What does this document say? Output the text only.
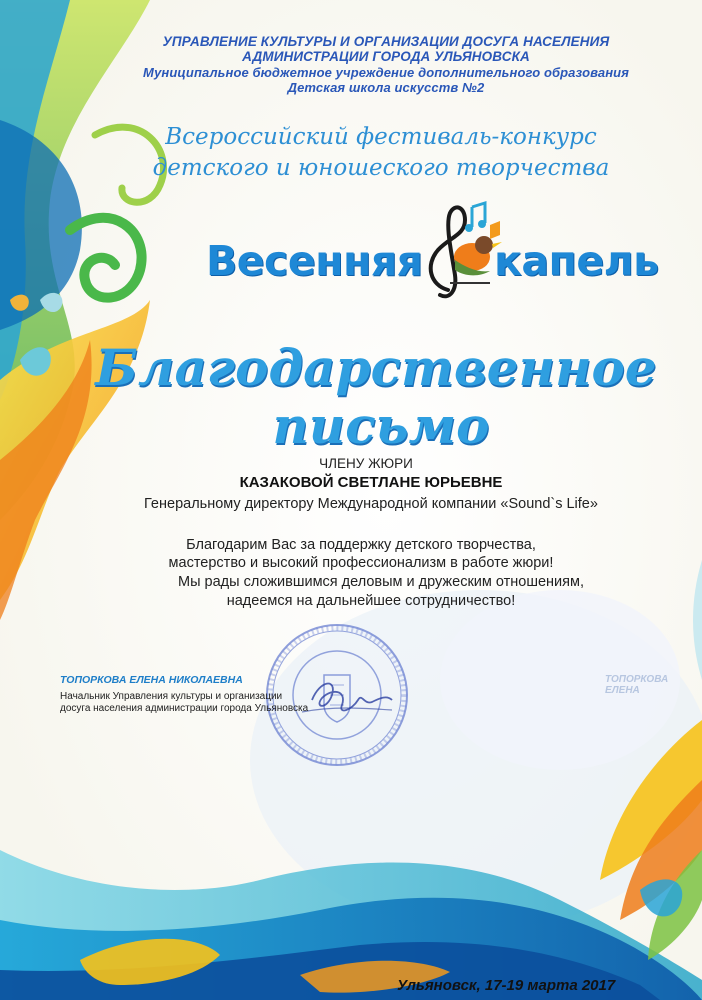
УПРАВЛЕНИЕ КУЛЬТУРЫ И ОРГАНИЗАЦИИ ДОСУГА НАСЕЛЕНИЯ
АДМИНИСТРАЦИИ ГОРОДА УЛЬЯНОВСКА
Муниципальное бюджетное учреждение дополнительного образования
Детская школа искусств №2
Всероссийский фестиваль-конкурс
детского и юношеского творчества
Весенняя капель
Благодарственное
письмо
ЧЛЕНУ ЖЮРИ
КАЗАКОВОЙ СВЕТЛАНЕ ЮРЬЕВНЕ
Генеральному директору Международной компании «Sound`s Life»
Благодарим Вас за поддержку детского творчества,
мастерство и высокий профессионализм в работе жюри!
Мы рады сложившимся деловым и дружеским отношениям,
надеемся на дальнейшее сотрудничество!
ТОПОРКОВА ЕЛЕНА НИКОЛАЕВНА
Начальник Управления культуры и организации
досуга населения администрации города Ульяновска
ТОПОРКОВА ЕЛЕНА
Ульяновск, 17-19 марта 2017
